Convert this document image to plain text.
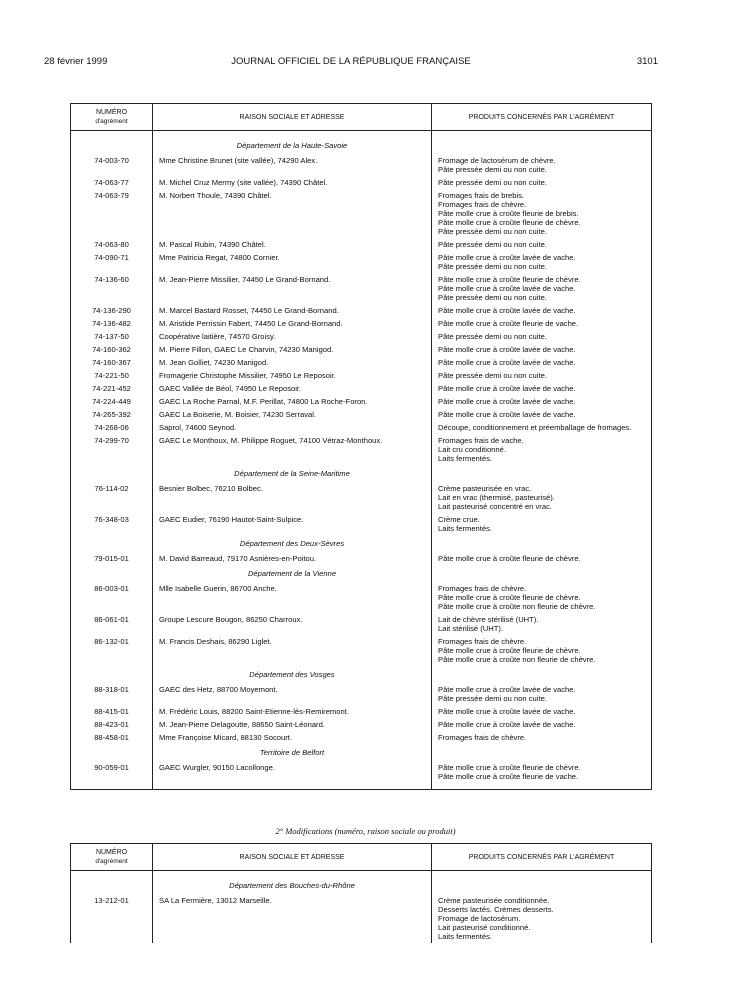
28 février 1999	JOURNAL OFFICIEL DE LA RÉPUBLIQUE FRANÇAISE	3101
NUMÉRO
d'agrément	RAISON SOCIALE ET ADRESSE	PRODUITS CONCERNÉS PAR L'AGRÉMENT

	Département de la Haute-Savoie	
74-003-70	Mme Christine Brunet (site vallée), 74290 Alex.	Fromage de lactosérum de chèvre.
Pâte pressée demi ou non cuite.

74-063-77	M. Michel Cruz Mermy (site vallée), 74390 Châtel.	Pâte pressée demi ou non cuite.

74-063-79	M. Norbert Thoule, 74390 Châtel.	Fromages frais de brebis.
Fromages frais de chèvre.
Pâte molle crue à croûte fleurie de brebis.
Pâte molle crue à croûte fleurie de chèvre.
Pâte pressée demi ou non cuite.

74-063-80	M. Pascal Rubin, 74390 Châtel.	Pâte pressée demi ou non cuite.

74-090-71	Mme Patricia Regat, 74800 Cornier.	Pâte molle crue à croûte lavée de vache.
Pâte pressée demi ou non cuite.

74-136-60	M. Jean-Pierre Missilier, 74450 Le Grand-Bornand.	Pâte molle crue à croûte fleurie de chèvre.
Pâte molle crue à croûte lavée de vache.
Pâte pressée demi ou non cuite.

74-136-290	M. Marcel Bastard Rosset, 74450 Le Grand-Bornand.	Pâte molle crue à croûte lavée de vache.

74-136-482	M. Aristide Perrissin Fabert, 74450 Le Grand-Bornand.	Pâte molle crue à croûte fleurie de vache.

74-137-50	Coopérative laitière, 74570 Groisy.	Pâte pressée demi ou non cuite.

74-160-362	M. Pierre Fillon, GAEC Le Charvin, 74230 Manigod.	Pâte molle crue à croûte lavée de vache.

74-160-367	M. Jean Golliet, 74230 Manigod.	Pâte molle crue à croûte lavée de vache.

74-221-50	Fromagerie Christophe Missilier, 74950 Le Reposoir.	Pâte pressée demi ou non cuite.

74-221-452	GAEC Vallée de Béol, 74950 Le Reposoir.	Pâte molle crue à croûte lavée de vache.

74-224-449	GAEC La Roche Parnal, M.F. Perillat, 74800 La Roche-Foron.	Pâte molle crue à croûte lavée de vache.

74-265-392	GAEC La Boiserie, M. Boisier, 74230 Serraval.	Pâte molle crue à croûte lavée de vache.

74-268-06	Saprol, 74600 Seynod.	Découpe, conditionnement et préemballage de fromages.

74-299-70	GAEC Le Monthoux, M. Philippe Roguet, 74100 Vétraz-Monthoux.	Fromages frais de vache.
Lait cru conditionné.
Laits fermentés.

	Département de la Seine-Maritime	
76-114-02	Besnier Bolbec, 76210 Bolbec.	Crème pasteurisée en vrac.
Lait en vrac (thermisé, pasteurisé).
Lait pasteurisé concentré en vrac.

76-348-03	GAEC Eudier, 76190 Hautot-Saint-Sulpice.	Crème crue.
Laits fermentés.

	Département des Deux-Sèvres	
79-015-01	M. David Barreaud, 79170 Asnières-en-Poitou.	Pâte molle crue à croûte fleurie de chèvre.

	Département de la Vienne	
86-003-01	Mlle Isabelle Guerin, 86700 Anche.	Fromages frais de chèvre.
Pâte molle crue à croûte fleurie de chèvre.
Pâte molle crue à croûte non fleurie de chèvre.

86-061-01	Groupe Lescure Bougon, 86250 Charroux.	Lait de chèvre stérilisé (UHT).
Lait stérilisé (UHT).

86-132-01	M. Francis Deshais, 86290 Liglet.	Fromages frais de chèvre.
Pâte molle crue à croûte fleurie de chèvre.
Pâte molle crue à croûte non fleurie de chèvre.

	Département des Vosges	
88-318-01	GAEC des Hetz, 88700 Moyemont.	Pâte molle crue à croûte lavée de vache.
Pâte pressée demi ou non cuite.

88-415-01	M. Frédéric Louis, 88200 Saint-Etienne-lès-Remiremont.	Pâte molle crue à croûte lavée de vache.

88-423-01	M. Jean-Pierre Delagoutte, 88650 Saint-Léonard.	Pâte molle crue à croûte lavée de vache.

88-458-01	Mme Françoise Micard, 88130 Socourt.	Fromages frais de chèvre.

	Territoire de Belfort	
90-059-01	GAEC Wurgler, 90150 Lacollonge.	Pâte molle crue à croûte fleurie de chèvre.
Pâte molle crue à croûte fleurie de vache.

2° Modifications (numéro, raison sociale ou produit)
NUMÉRO
d'agrément	RAISON SOCIALE ET ADRESSE	PRODUITS CONCERNÉS PAR L'AGRÉMENT

	Département des Bouches-du-Rhône	
13-212-01	SA La Fermière, 13012 Marseille.	Crème pasteurisée conditionnée.
Desserts lactés. Crèmes desserts.
Fromage de lactosérum.
Lait pasteurisé conditionné.
Laits fermentés.
